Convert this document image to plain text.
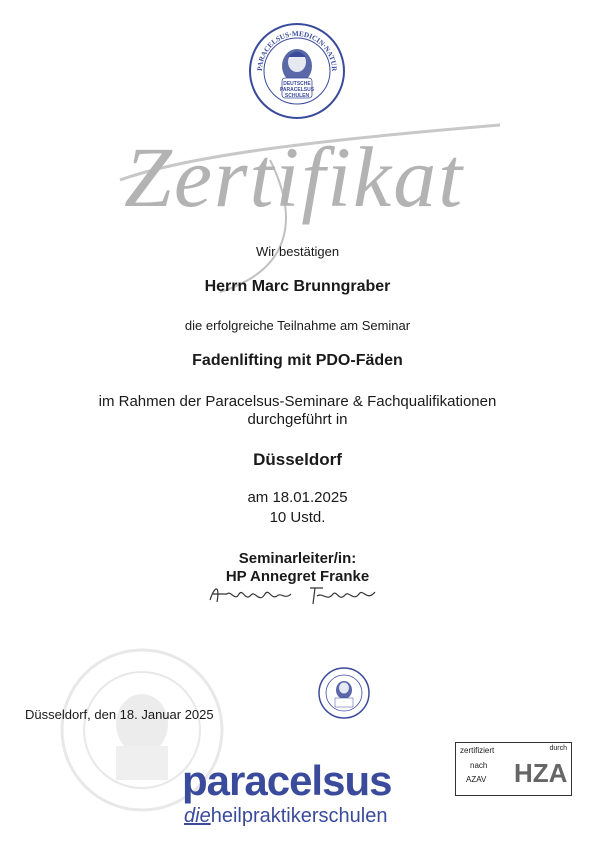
PARACELSUS·MEDICIN·NATUR
DEUTSCHE
PARACELSUS
SCHULEN
Zertifikat
Wir bestätigen
Herrn Marc Brunngraber
die erfolgreiche Teilnahme am Seminar
Fadenlifting mit PDO-Fäden
im Rahmen der Paracelsus-Seminare & Fachqualifikationen
durchgeführt in
Düsseldorf
am 18.01.2025
10 Ustd.
Seminarleiter/in:
HP Annegret Franke
Düsseldorf, den 18. Januar 2025
paracelsus
dieheilpraktikerschulen
zertifiziert
nach
AZAV
durch
HZA
